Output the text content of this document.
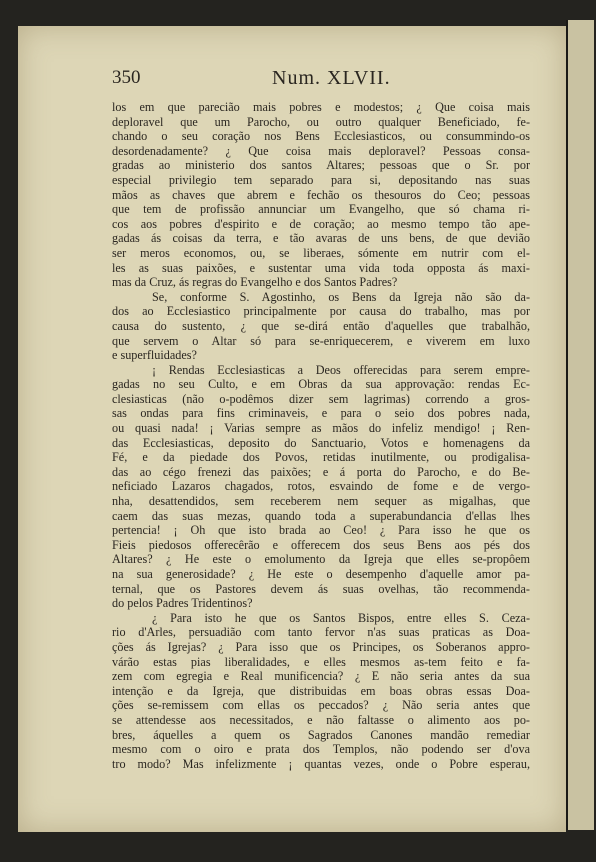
350	Num. XLVII.
los em que parecião mais pobres e modestos; ¿ Que coisa mais
deploravel que um Parocho, ou outro qualquer Beneficiado, fe-
chando o seu coração nos Bens Ecclesiasticos, ou consummindo-os
desordenadamente? ¿ Que coisa mais deploravel? Pessoas consa-
gradas ao ministerio dos santos Altares; pessoas que o Sr. por
especial privilegio tem separado para si, depositando nas suas
mãos as chaves que abrem e fechão os thesouros do Ceo; pessoas
que tem de profissão annunciar um Evangelho, que só chama ri-
cos aos pobres d'espirito e de coração; ao mesmo tempo tão ape-
gadas ás coisas da terra, e tão avaras de uns bens, de que devião
ser meros economos, ou, se liberaes, sómente em nutrir com el-
les as suas paixões, e sustentar uma vida toda opposta ás maxi-
mas da Cruz, ás regras do Evangelho e dos Santos Padres?
Se, conforme S. Agostinho, os Bens da Igreja não são da-
dos ao Ecclesiastico principalmente por causa do trabalho, mas por
causa do sustento, ¿ que se-dirá então d'aquelles que trabalhão,
que servem o Altar só para se-enriquecerem, e viverem em luxo
e superfluidades?
¡ Rendas Ecclesiasticas a Deos offerecidas para serem empre-
gadas no seu Culto, e em Obras da sua approvação: rendas Ec-
clesiasticas (não o-podêmos dizer sem lagrimas) correndo a gros-
sas ondas para fins criminaveis, e para o seio dos pobres nada,
ou quasi nada! ¡ Varias sempre as mãos do infeliz mendigo! ¡ Ren-
das Ecclesiasticas, deposito do Sanctuario, Votos e homenagens da
Fé, e da piedade dos Povos, retidas inutilmente, ou prodigalisa-
das ao cégo frenezi das paixões; e á porta do Parocho, e do Be-
neficiado Lazaros chagados, rotos, esvaindo de fome e de vergo-
nha, desattendidos, sem receberem nem sequer as migalhas, que
caem das suas mezas, quando toda a superabundancia d'ellas lhes
pertencia! ¡ Oh que isto brada ao Ceo! ¿ Para isso he que os
Fieis piedosos offerecêrão e offerecem dos seus Bens aos pés dos
Altares? ¿ He este o emolumento da Igreja que elles se-propôem
na sua generosidade? ¿ He este o desempenho d'aquelle amor pa-
ternal, que os Pastores devem ás suas ovelhas, tão recommenda-
do pelos Padres Tridentinos?
¿ Para isto he que os Santos Bispos, entre elles S. Ceza-
rio d'Arles, persuadião com tanto fervor n'as suas praticas as Doa-
ções ás Igrejas? ¿ Para isso que os Principes, os Soberanos appro-
várão estas pias liberalidades, e elles mesmos as-tem feito e fa-
zem com egregia e Real munificencia? ¿ E não seria antes da sua
intenção e da Igreja, que distribuidas em boas obras essas Doa-
ções se-remissem com ellas os peccados? ¿ Não seria antes que
se attendesse aos necessitados, e não faltasse o alimento aos po-
bres, áquelles a quem os Sagrados Canones mandão remediar
mesmo com o oiro e prata dos Templos, não podendo ser d'ova
tro modo? Mas infelizmente ¡ quantas vezes, onde o Pobre esperau,
